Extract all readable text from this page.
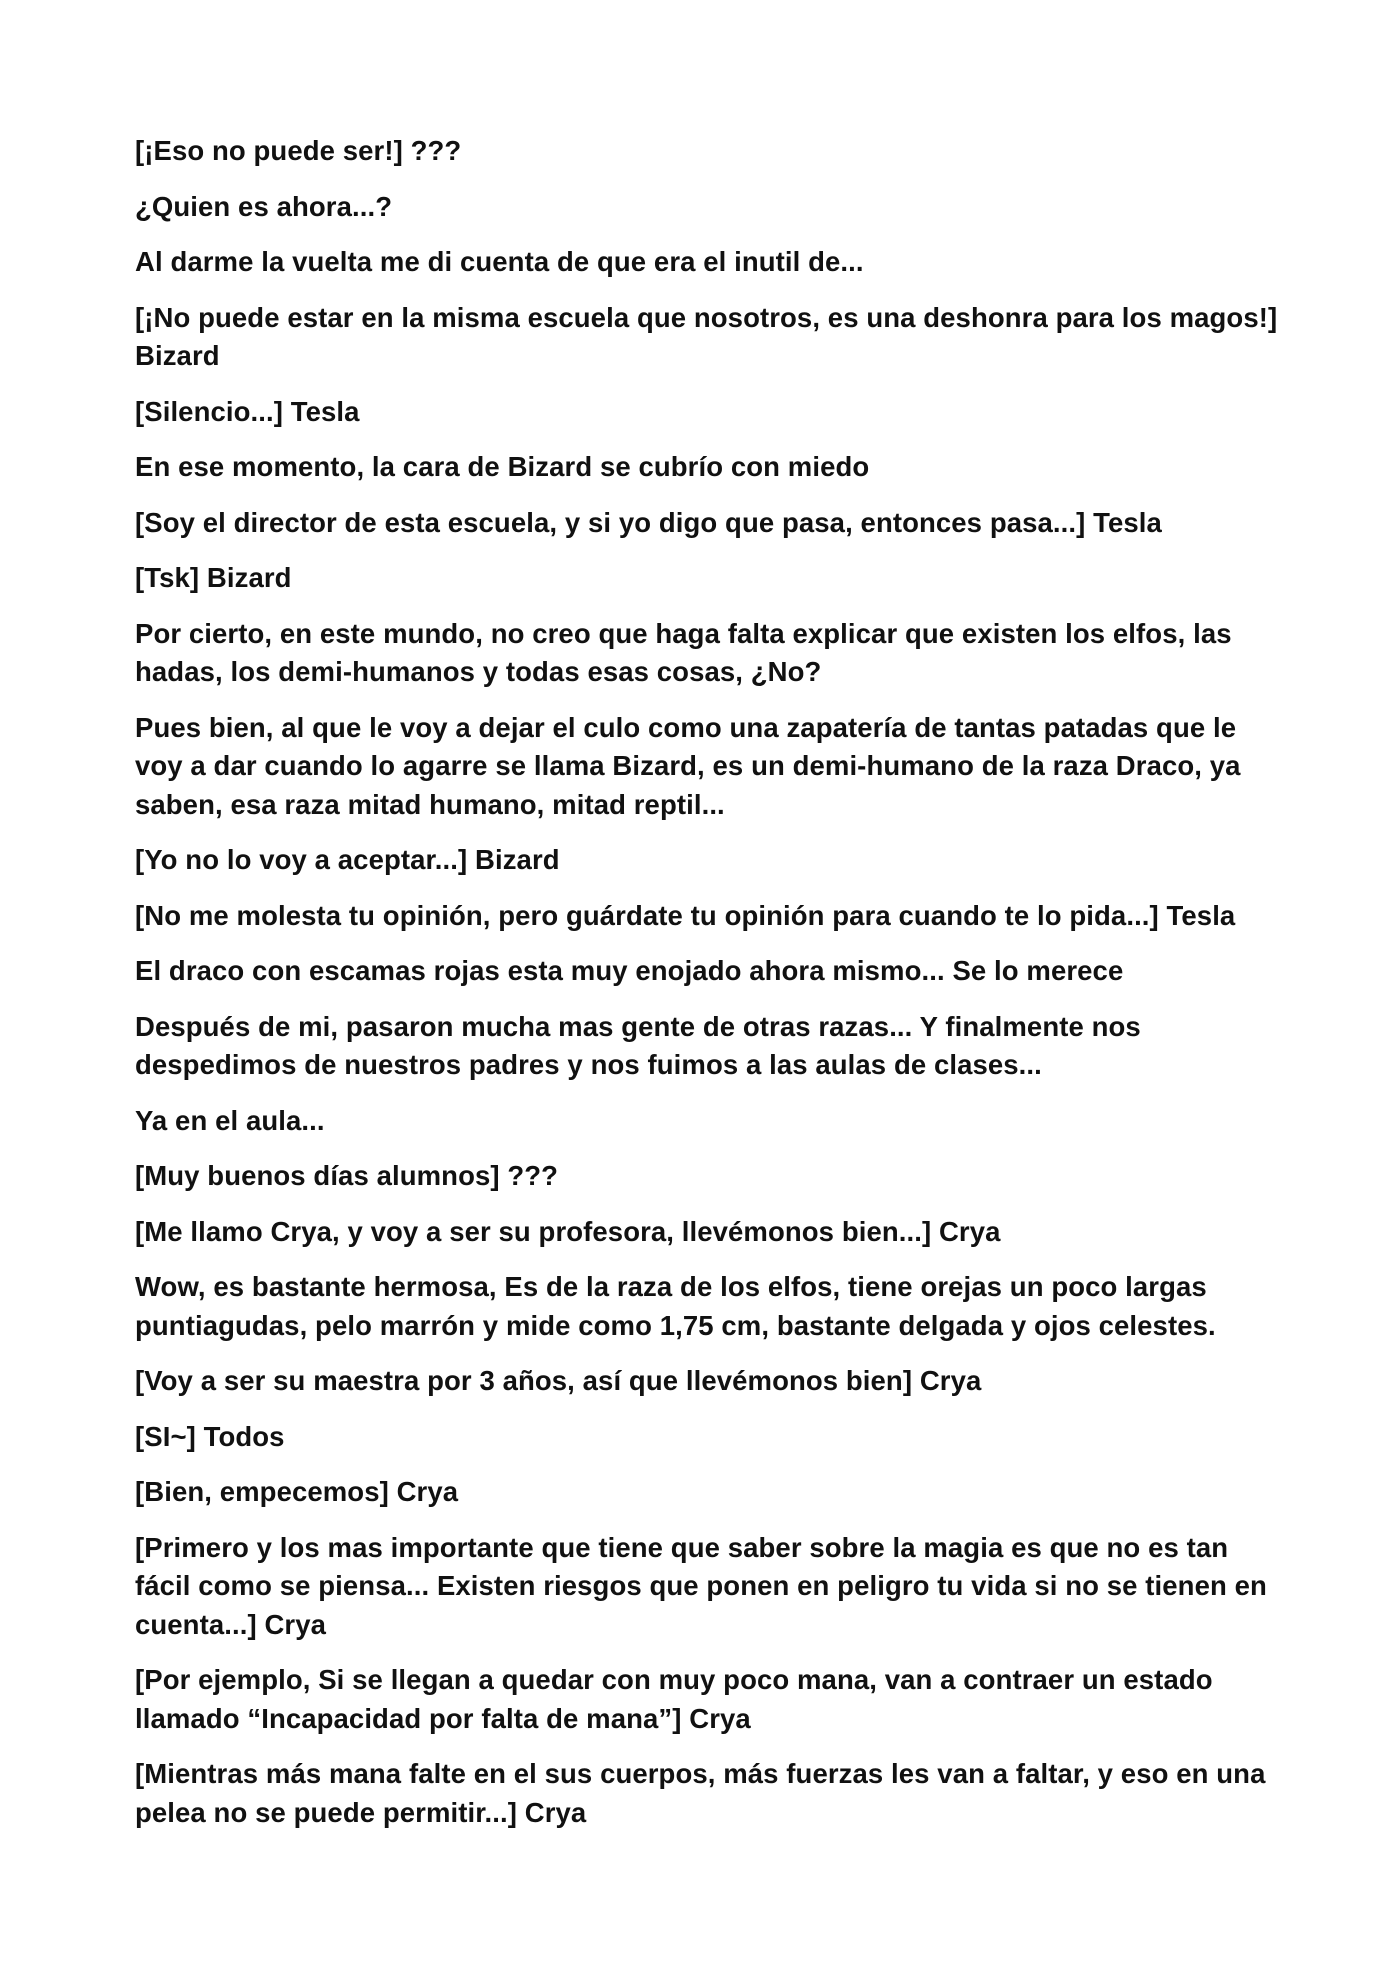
[¡Eso no puede ser!] ???

¿Quien es ahora...?

Al darme la vuelta me di cuenta de que era el inutil de...

[¡No puede estar en la misma escuela que nosotros, es una deshonra para los magos!] Bizard

[Silencio...] Tesla

En ese momento, la cara de Bizard se cubrío con miedo

[Soy el director de esta escuela, y si yo digo que pasa, entonces pasa...] Tesla

[Tsk] Bizard

Por cierto, en este mundo, no creo que haga falta explicar que existen los elfos, las hadas, los demi-humanos y todas esas cosas, ¿No?

Pues bien, al que le voy a dejar el culo como una zapatería de tantas patadas que le voy a dar cuando lo agarre se llama Bizard, es un demi-humano de la raza Draco, ya saben, esa raza mitad humano, mitad reptil...

[Yo no lo voy a aceptar...] Bizard

[No me molesta tu opinión, pero guárdate tu opinión para cuando te lo pida...] Tesla

El draco con escamas rojas esta muy enojado ahora mismo... Se lo merece

Después de mi, pasaron mucha mas gente de otras razas... Y finalmente nos despedimos de nuestros padres y nos fuimos a las aulas de clases...

Ya en el aula...

[Muy buenos días alumnos] ???

[Me llamo Crya, y voy a ser su profesora, llevémonos bien...] Crya

Wow, es bastante hermosa, Es de la raza de los elfos, tiene orejas un poco largas puntiagudas, pelo marrón y mide como 1,75 cm, bastante delgada y ojos celestes.

[Voy a ser su maestra por 3 años, así que llevémonos bien] Crya

[SI~] Todos

[Bien, empecemos] Crya

[Primero y los mas importante que tiene que saber sobre la magia es que no es tan fácil como se piensa... Existen riesgos que ponen en peligro tu vida si no se tienen en cuenta...] Crya

[Por ejemplo, Si se llegan a quedar con muy poco mana, van a contraer un estado llamado “Incapacidad por falta de mana”] Crya

[Mientras más mana falte en el sus cuerpos, más fuerzas les van a faltar, y eso en una pelea no se puede permitir...] Crya
